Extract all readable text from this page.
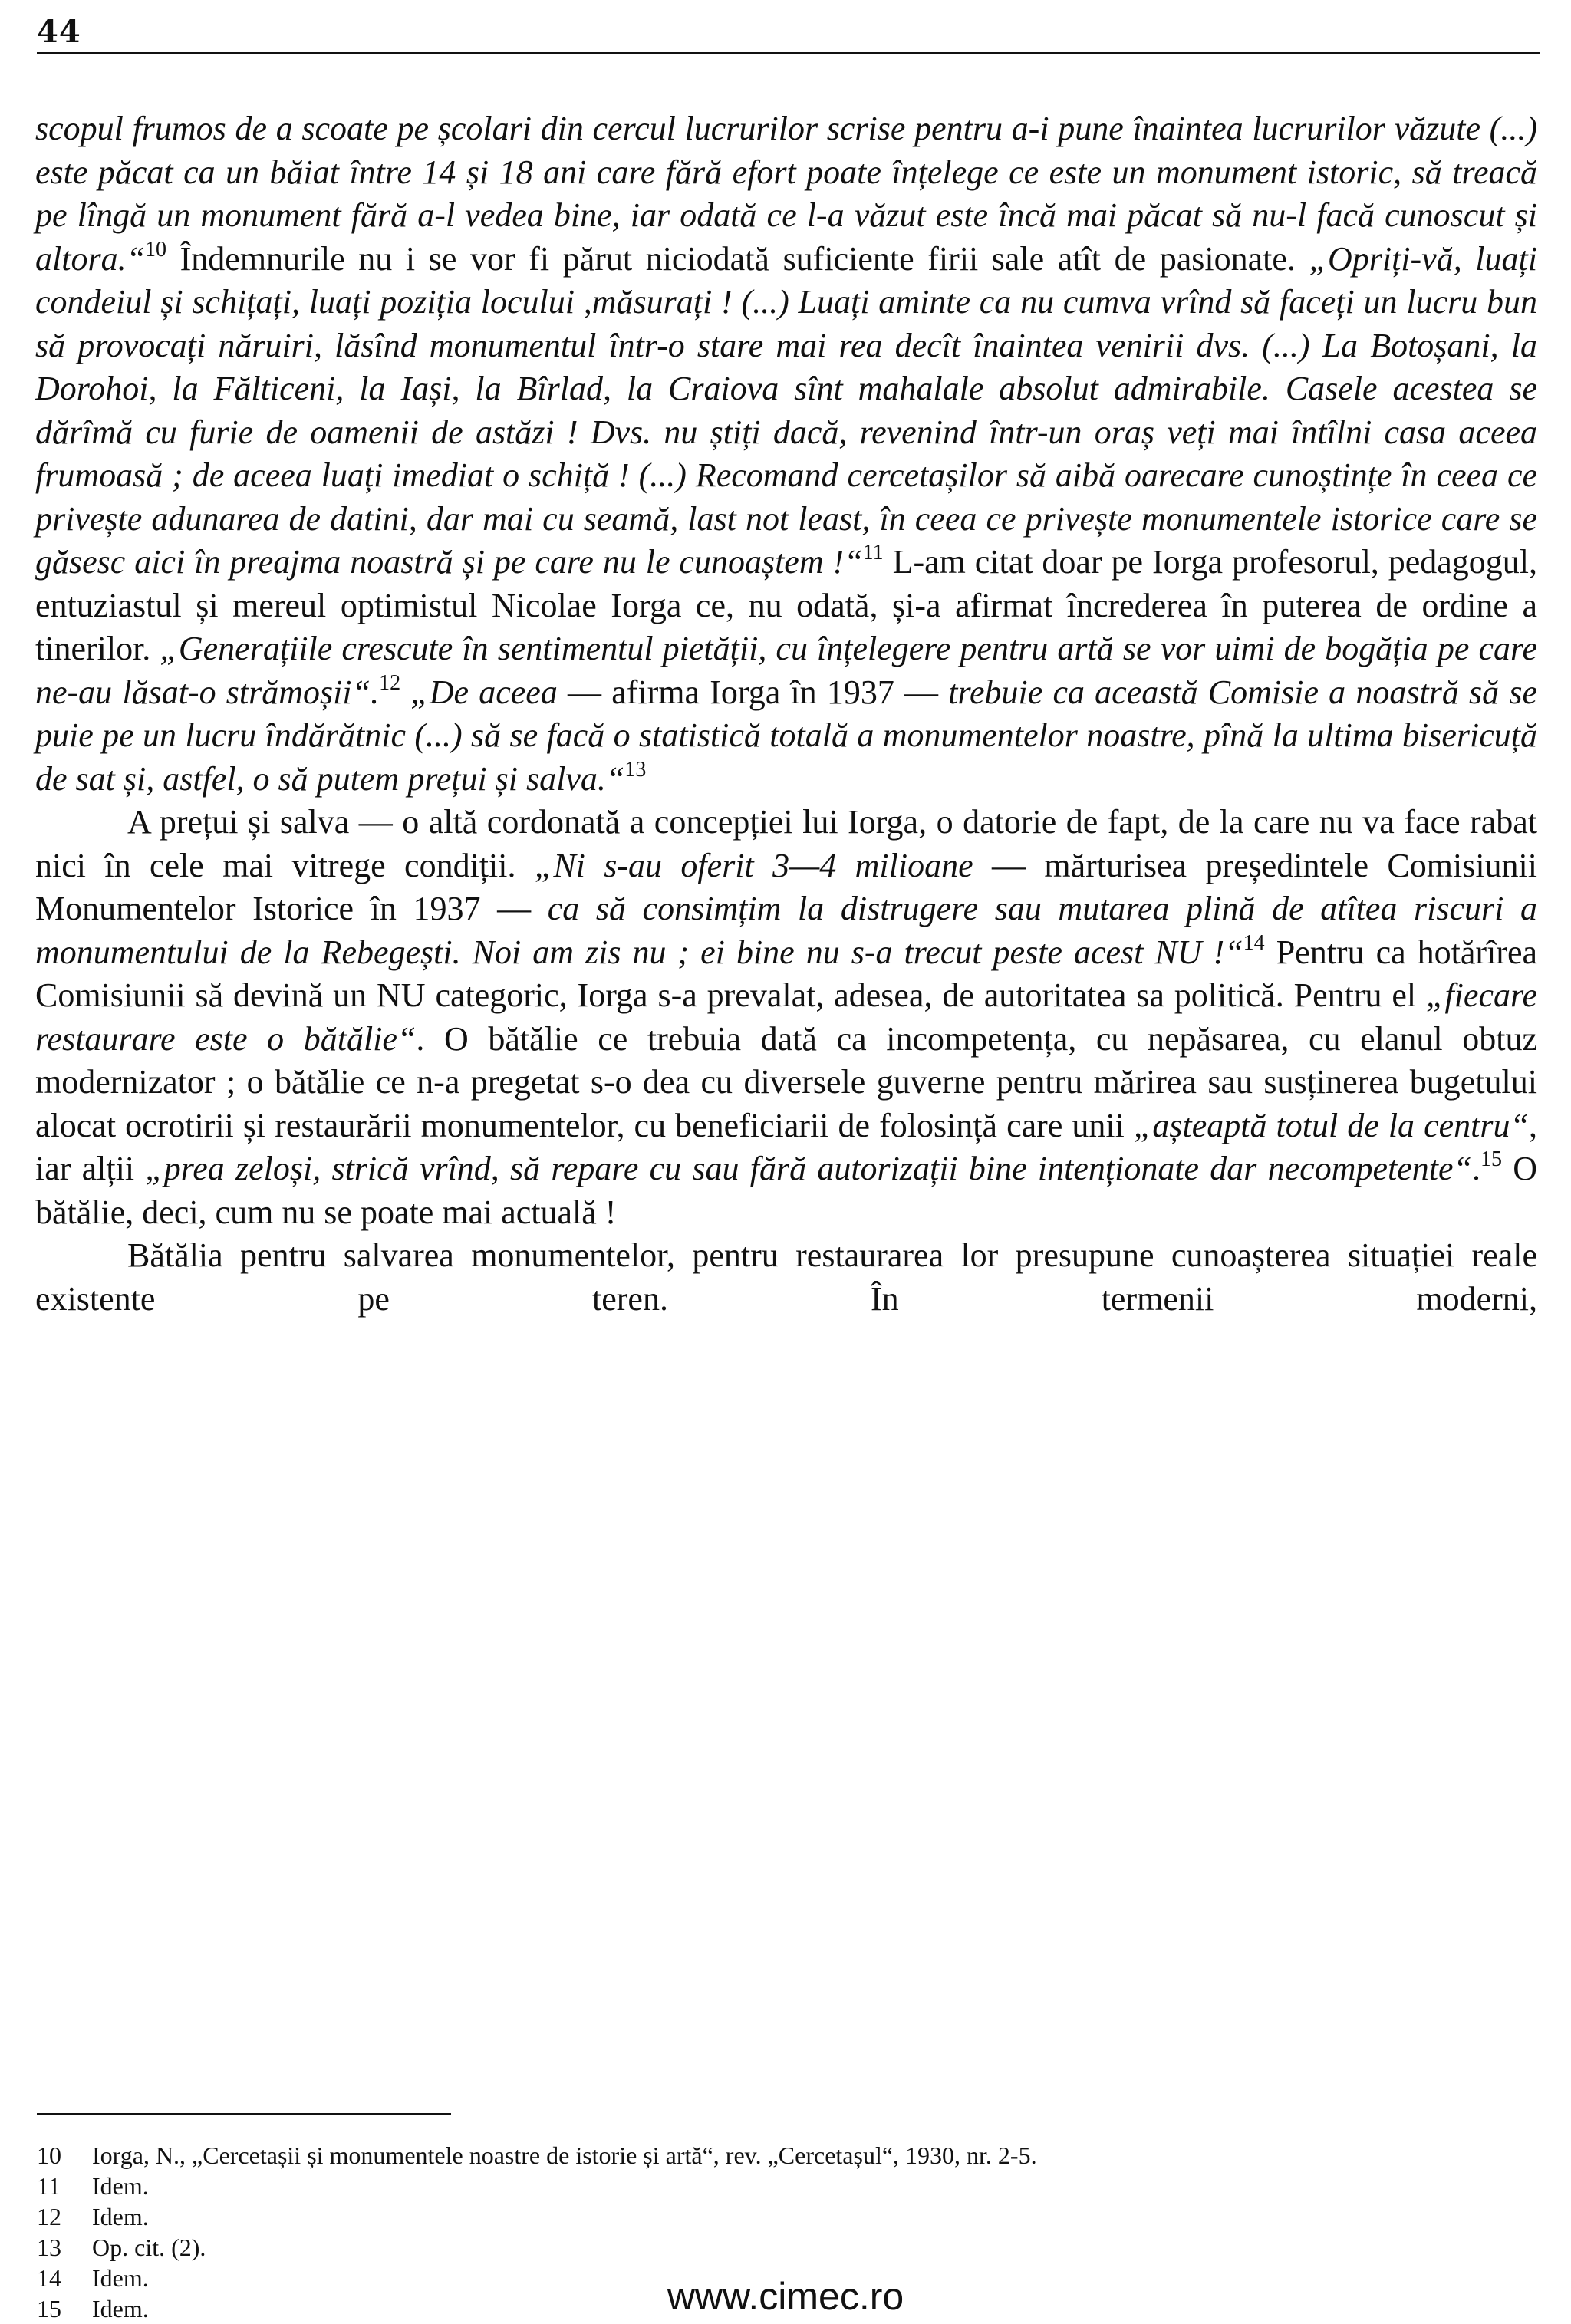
44

scopul frumos de a scoate pe școlari din cercul lucrurilor scrise pentru a-i pune înaintea lucrurilor văzute (...) este păcat ca un băiat între 14 și 18 ani care fără efort poate înțelege ce este un monument istoric, să treacă pe lîngă un monument fără a-l vedea bine, iar odată ce l-a văzut este încă mai păcat să nu-l facă cunoscut și altora.“$^{10}$ Îndemnurile nu i se vor fi părut niciodată suficiente firii sale atît de pasionate. „Opriți-vă, luați condeiul și schițați, luați poziția locului ,măsurați ! (...) Luați aminte ca nu cumva vrînd să faceți un lucru bun să provocați năruiri, lăsînd monumentul într-o stare mai rea decît înaintea venirii dvs. (...) La Botoșani, la Dorohoi, la Fălticeni, la Iași, la Bîrlad, la Craiova sînt mahalale absolut admirabile. Casele acestea se dărîmă cu furie de oamenii de astăzi ! Dvs. nu știți dacă, revenind într-un oraș veți mai întîlni casa aceea frumoasă ; de aceea luați imediat o schiță ! (...) Recomand cercetașilor să aibă oarecare cunoștințe în ceea ce privește adunarea de datini, dar mai cu seamă, last not least, în ceea ce privește monumentele istorice care se găsesc aici în preajma noastră și pe care nu le cunoaștem !“$^{11}$ L-am citat doar pe Iorga profesorul, pedagogul, entuziastul și mereul optimistul Nicolae Iorga ce, nu odată, și-a afirmat încrederea în puterea de ordine a tinerilor. „Generațiile crescute în sentimentul pietății, cu înțelegere pentru artă se vor uimi de bogăția pe care ne-au lăsat-o strămoșii“.$^{12}$ „De aceea — afirma Iorga în 1937 — trebuie ca această Comisie a noastră să se puie pe un lucru îndărătnic (...) să se facă o statistică totală a monumentelor noastre, pînă la ultima bisericuță de sat și, astfel, o să putem prețui și salva.“$^{13}$

A prețui și salva — o altă cordonată a concepției lui Iorga, o datorie de fapt, de la care nu va face rabat nici în cele mai vitrege condiții. „Ni s-au oferit 3—4 milioane — mărturisea președintele Comisiunii Monumentelor Istorice în 1937 — ca să consimțim la distrugere sau mutarea plină de atîtea riscuri a monumentului de la Rebegești. Noi am zis nu ; ei bine nu s-a trecut peste acest NU !“$^{14}$ Pentru ca hotărîrea Comisiunii să devină un NU categoric, Iorga s-a prevalat, adesea, de autoritatea sa politică. Pentru el „fiecare restaurare este o bătălie“. O bătălie ce trebuia dată ca incompetența, cu nepăsarea, cu elanul obtuz modernizator ; o bătălie ce n-a pregetat s-o dea cu diversele guverne pentru mărirea sau susținerea bugetului alocat ocrotirii și restaurării monumentelor, cu beneficiarii de folosință care unii „așteaptă totul de la centru“, iar alții „prea zeloși, strică vrînd, să repare cu sau fără autorizații bine intenționate dar necompetente“.$^{15}$ O bătălie, deci, cum nu se poate mai actuală !

Bătălia pentru salvarea monumentelor, pentru restaurarea lor presupune cunoașterea situației reale existente pe teren. În termenii moderni,

10	Iorga, N., „Cercetașii și monumentele noastre de istorie și artă“, rev. „Cercetașul“, 1930, nr. 2-5.
11	Idem.
12	Idem.
13	Op. cit. (2).
14	Idem.
15	Idem.	www.cimec.ro
